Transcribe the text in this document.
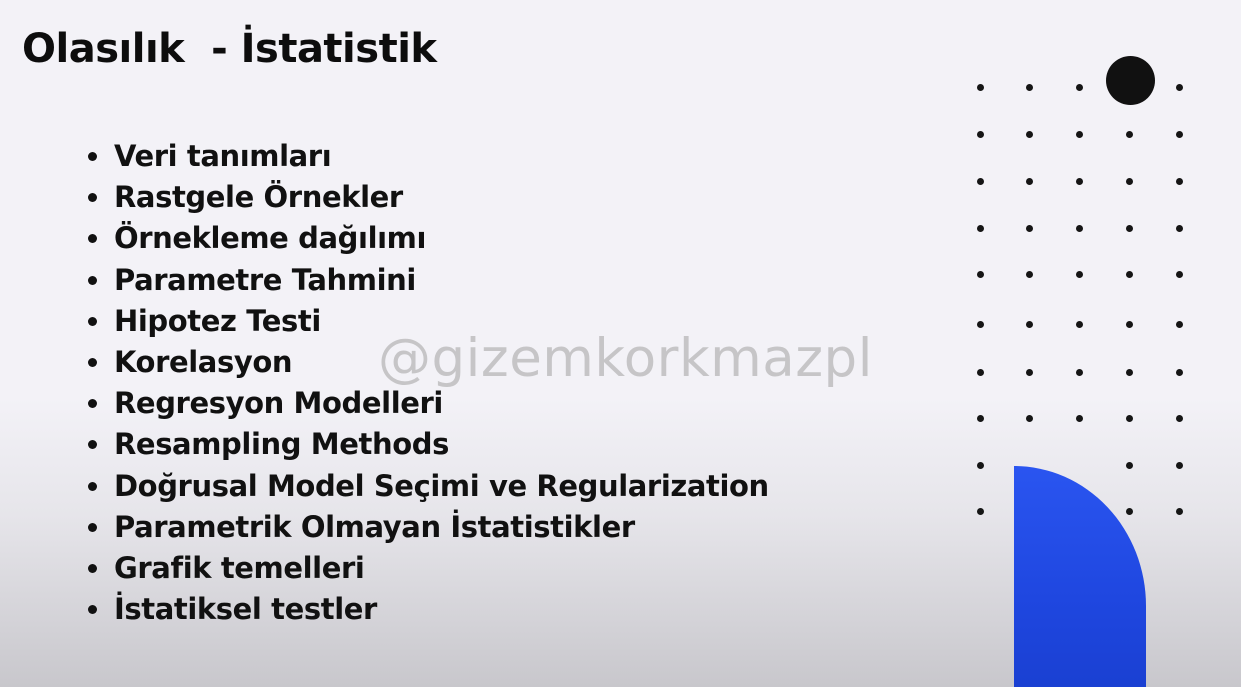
Olasılık  - İstatistik
Veri tanımları
Rastgele Örnekler
Örnekleme dağılımı
Parametre Tahmini
Hipotez Testi
Korelasyon
Regresyon Modelleri
Resampling Methods
Doğrusal Model Seçimi ve Regularization
Parametrik Olmayan İstatistikler
Grafik temelleri
İstatiksel testler
@gizemkorkmazpl
